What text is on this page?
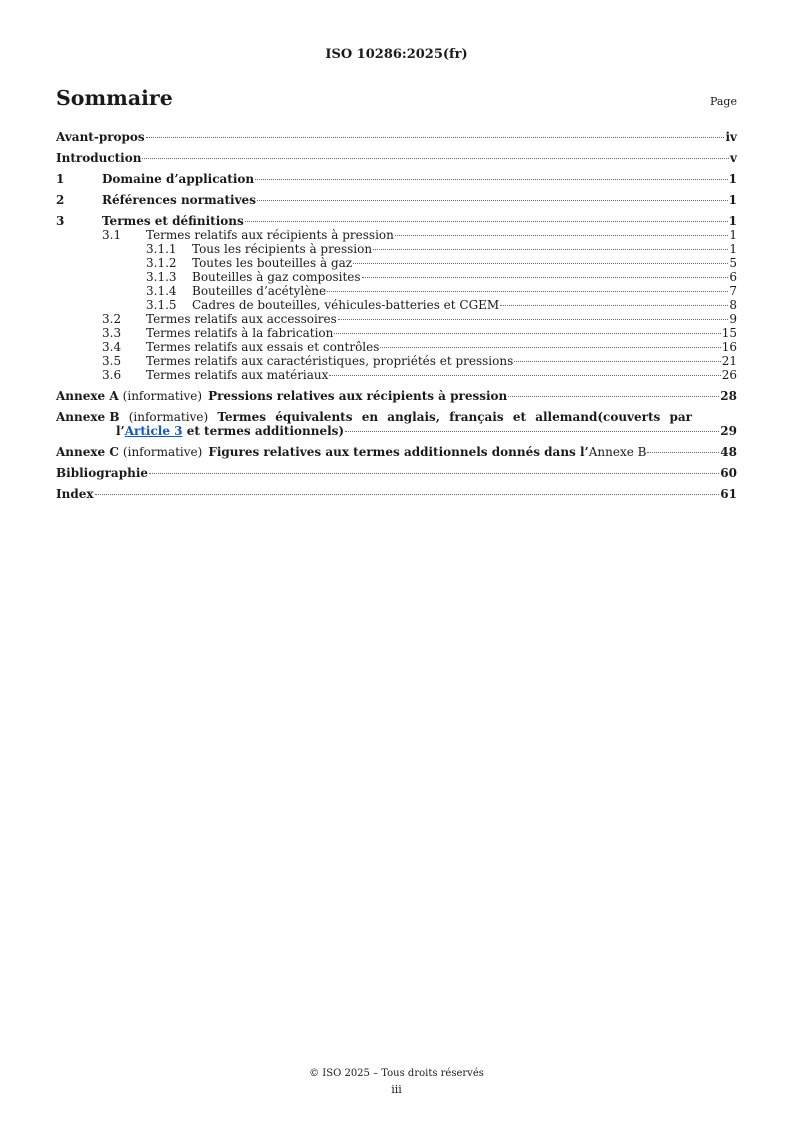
ISO 10286:2025(fr)
Sommaire	Page
Avant-propos	iv
Introduction	v
1	Domaine d’application	1
2	Références normatives	1
3	Termes et définitions	1
3.1	Termes relatifs aux récipients à pression	1
3.1.1	Tous les récipients à pression	1
3.1.2	Toutes les bouteilles à gaz	5
3.1.3	Bouteilles à gaz composites	6
3.1.4	Bouteilles d’acétylène	7
3.1.5	Cadres de bouteilles, véhicules-batteries et CGEM	8
3.2	Termes relatifs aux accessoires	9
3.3	Termes relatifs à la fabrication	15
3.4	Termes relatifs aux essais et contrôles	16
3.5	Termes relatifs aux caractéristiques, propriétés et pressions	21
3.6	Termes relatifs aux matériaux	26
Annexe A (informative) Pressions relatives aux récipients à pression	28
Annexe B (informative) Termes équivalents en anglais, français et allemand(couverts par
l’ Article 3 et termes additionnels)	29
Annexe C (informative) Figures relatives aux termes additionnels donnés dans l’ Annexe B	48
Bibliographie	60
Index	61
© ISO 2025 – Tous droits réservés
iii
